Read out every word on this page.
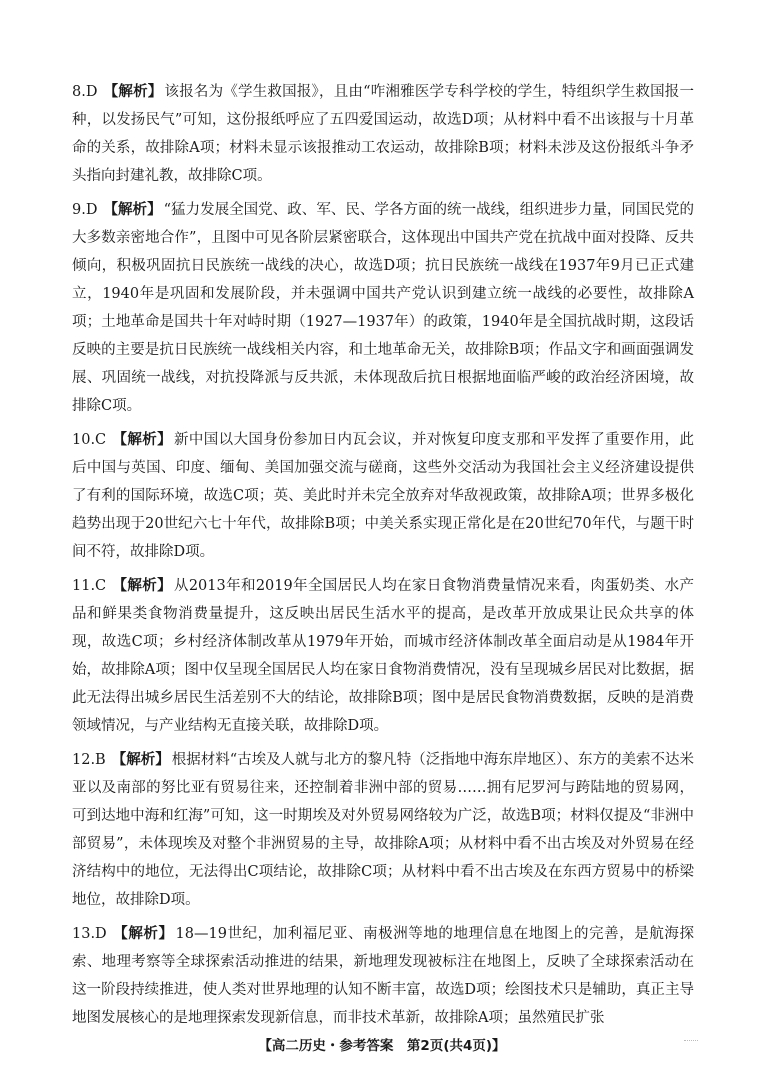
8.D 【解析】 该报名为《学生救国报》，且由“咋湘雅医学专科学校的学生，特组织学生救国报一种，以发扬民气”可知，这份报纸呼应了五四爱国运动，故选D项；从材料中看不出该报与十月革命的关系，故排除A项；材料未显示该报推动工农运动，故排除B项；材料未涉及这份报纸斗争矛头指向封建礼教，故排除C项。

9.D 【解析】 “猛力发展全国党、政、军、民、学各方面的统一战线，组织进步力量，同国民党的大多数亲密地合作”，且图中可见各阶层紧密联合，这体现出中国共产党在抗战中面对投降、反共倾向，积极巩固抗日民族统一战线的决心，故选D项；抗日民族统一战线在1937年9月已正式建立，1940年是巩固和发展阶段，并未强调中国共产党认识到建立统一战线的必要性，故排除A项；土地革命是国共十年对峙时期（1927—1937年）的政策，1940年是全国抗战时期，这段话反映的主要是抗日民族统一战线相关内容，和土地革命无关，故排除B项；作品文字和画面强调发展、巩固统一战线，对抗投降派与反共派，未体现敌后抗日根据地面临严峻的政治经济困境，故排除C项。

10.C 【解析】 新中国以大国身份参加日内瓦会议，并对恢复印度支那和平发挥了重要作用，此后中国与英国、印度、缅甸、美国加强交流与磋商，这些外交活动为我国社会主义经济建设提供了有利的国际环境，故选C项；英、美此时并未完全放弃对华敌视政策，故排除A项；世界多极化趋势出现于20世纪六七十年代，故排除B项；中美关系实现正常化是在20世纪70年代，与题干时间不符，故排除D项。

11.C 【解析】 从2013年和2019年全国居民人均在家日食物消费量情况来看，肉蛋奶类、水产品和鲜果类食物消费量提升，这反映出居民生活水平的提高，是改革开放成果让民众共享的体现，故选C项；乡村经济体制改革从1979年开始，而城市经济体制改革全面启动是从1984年开始，故排除A项；图中仅呈现全国居民人均在家日食物消费情况，没有呈现城乡居民对比数据，据此无法得出城乡居民生活差别不大的结论，故排除B项；图中是居民食物消费数据，反映的是消费领域情况，与产业结构无直接关联，故排除D项。

12.B 【解析】 根据材料“古埃及人就与北方的黎凡特（泛指地中海东岸地区）、东方的美索不达米亚以及南部的努比亚有贸易往来，还控制着非洲中部的贸易……拥有尼罗河与跨陆地的贸易网，可到达地中海和红海”可知，这一时期埃及对外贸易网络较为广泛，故选B项；材料仅提及“非洲中部贸易”，未体现埃及对整个非洲贸易的主导，故排除A项；从材料中看不出古埃及对外贸易在经济结构中的地位，无法得出C项结论，故排除C项；从材料中看不出古埃及在东西方贸易中的桥梁地位，故排除D项。

13.D 【解析】 18—19世纪，加利福尼亚、南极洲等地的地理信息在地图上的完善，是航海探索、地理考察等全球探索活动推进的结果，新地理发现被标注在地图上，反映了全球探索活动在这一阶段持续推进，使人类对世界地理的认知不断丰富，故选D项；绘图技术只是辅助，真正主导地图发展核心的是地理探索发现新信息，而非技术革新，故排除A项；虽然殖民扩张

【高二历史・参考答案　第2页(共4页)】
